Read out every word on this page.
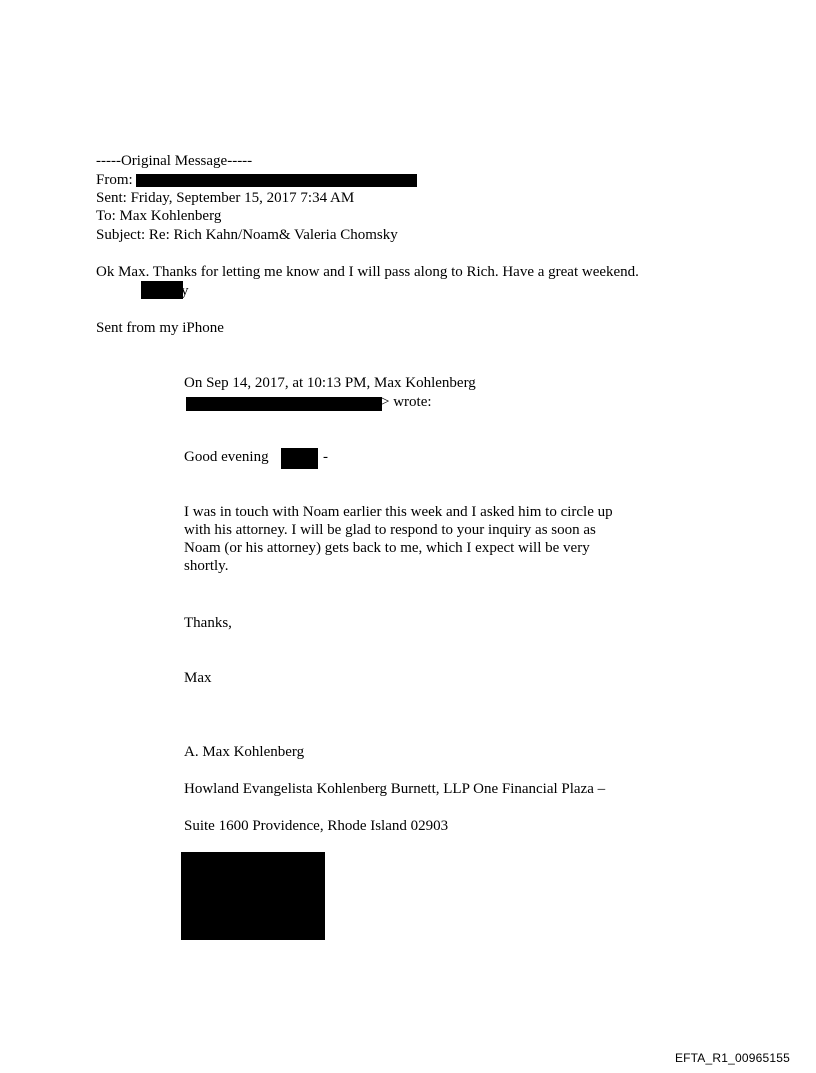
-----Original Message-----
From:
Sent: Friday, September 15, 2017 7:34 AM
To: Max Kohlenberg
Subject: Re: Rich Kahn/Noam& Valeria Chomsky
Ok Max. Thanks for letting me know and I will pass along to Rich. Have a great weekend.
y
Sent from my iPhone
On Sep 14, 2017, at 10:13 PM, Max Kohlenberg
> wrote:
Good evening	-
I was in touch with Noam earlier this week and I asked him to circle up with his attorney. I will be glad to respond to your inquiry as soon as Noam (or his attorney) gets back to me, which I expect will be very shortly.
Thanks,
Max
A. Max Kohlenberg
Howland Evangelista Kohlenberg Burnett, LLP One Financial Plaza –
Suite 1600 Providence, Rhode Island 02903
EFTA_R1_00965155
